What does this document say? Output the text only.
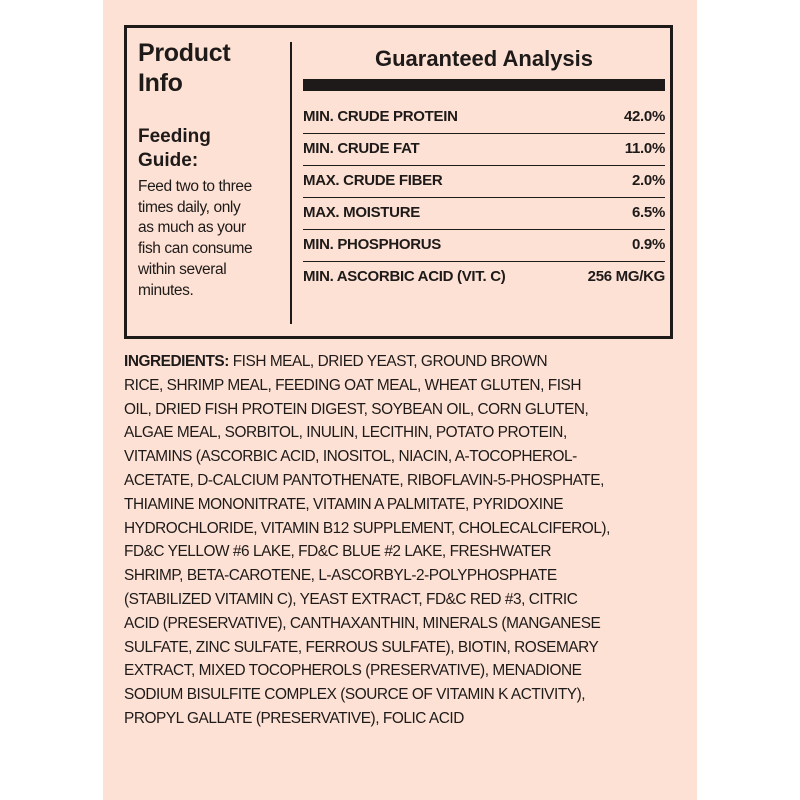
Product
Info
Feeding
Guide:
Feed two to three
times daily, only
as much as your
fish can consume
within several
minutes.
Guaranteed Analysis
MIN. CRUDE PROTEIN	42.0%
MIN. CRUDE FAT	11.0%
MAX. CRUDE FIBER	2.0%
MAX. MOISTURE	6.5%
MIN. PHOSPHORUS	0.9%
MIN. ASCORBIC ACID (VIT. C)	256 MG/KG
INGREDIENTS: FISH MEAL, DRIED YEAST, GROUND BROWN
RICE, SHRIMP MEAL, FEEDING OAT MEAL, WHEAT GLUTEN, FISH
OIL, DRIED FISH PROTEIN DIGEST, SOYBEAN OIL, CORN GLUTEN,
ALGAE MEAL, SORBITOL, INULIN, LECITHIN, POTATO PROTEIN,
VITAMINS (ASCORBIC ACID, INOSITOL, NIACIN, A-TOCOPHEROL-
ACETATE, D-CALCIUM PANTOTHENATE, RIBOFLAVIN-5-PHOSPHATE,
THIAMINE MONONITRATE, VITAMIN A PALMITATE, PYRIDOXINE
HYDROCHLORIDE, VITAMIN B12 SUPPLEMENT, CHOLECALCIFEROL),
FD&C YELLOW #6 LAKE, FD&C BLUE #2 LAKE, FRESHWATER
SHRIMP, BETA-CAROTENE, L-ASCORBYL-2-POLYPHOSPHATE
(STABILIZED VITAMIN C), YEAST EXTRACT, FD&C RED #3, CITRIC
ACID (PRESERVATIVE), CANTHAXANTHIN, MINERALS (MANGANESE
SULFATE, ZINC SULFATE, FERROUS SULFATE), BIOTIN, ROSEMARY
EXTRACT, MIXED TOCOPHEROLS (PRESERVATIVE), MENADIONE
SODIUM BISULFITE COMPLEX (SOURCE OF VITAMIN K ACTIVITY),
PROPYL GALLATE (PRESERVATIVE), FOLIC ACID
